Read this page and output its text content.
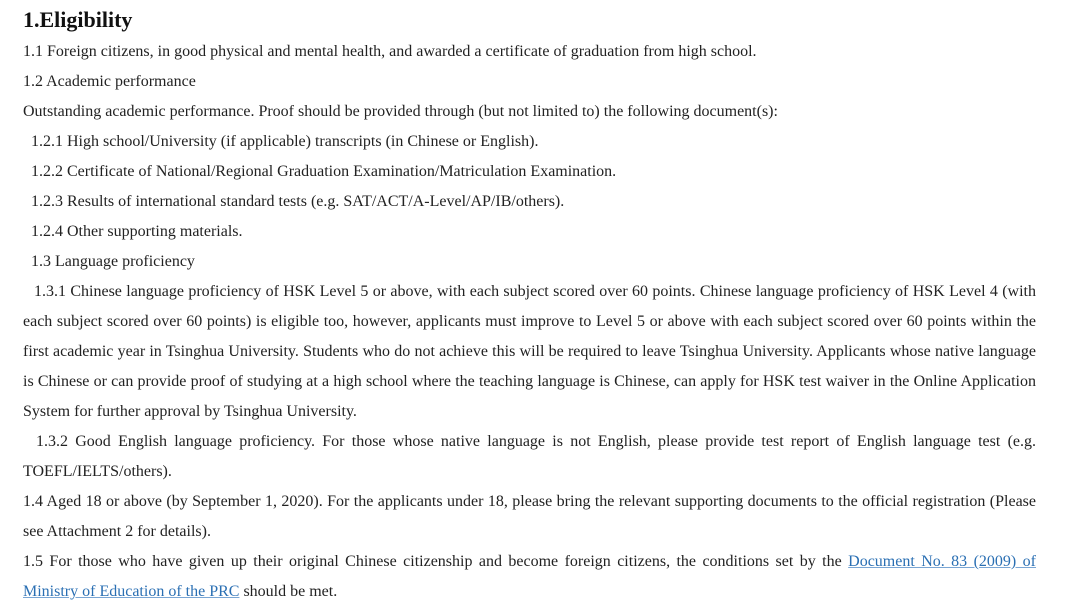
1.Eligibility

1.1 Foreign citizens, in good physical and mental health, and awarded a certificate of graduation from high school.

1.2 Academic performance

Outstanding academic performance. Proof should be provided through (but not limited to) the following document(s):

1.2.1 High school/University (if applicable) transcripts (in Chinese or English).

1.2.2 Certificate of National/Regional Graduation Examination/Matriculation Examination.

1.2.3 Results of international standard tests (e.g. SAT/ACT/A-Level/AP/IB/others).

1.2.4 Other supporting materials.

1.3 Language proficiency

1.3.1 Chinese language proficiency of HSK Level 5 or above, with each subject scored over 60 points. Chinese language proficiency of HSK Level 4 (with each subject scored over 60 points) is eligible too, however, applicants must improve to Level 5 or above with each subject scored over 60 points within the first academic year in Tsinghua University. Students who do not achieve this will be required to leave Tsinghua University. Applicants whose native language is Chinese or can provide proof of studying at a high school where the teaching language is Chinese, can apply for HSK test waiver in the Online Application System for further approval by Tsinghua University.

1.3.2 Good English language proficiency. For those whose native language is not English, please provide test report of English language test (e.g. TOEFL/IELTS/others).

1.4 Aged 18 or above (by September 1, 2020). For the applicants under 18, please bring the relevant supporting documents to the official registration (Please see Attachment 2 for details).

1.5 For those who have given up their original Chinese citizenship and become foreign citizens, the conditions set by the Document No. 83 (2009) of Ministry of Education of the PRC should be met.
